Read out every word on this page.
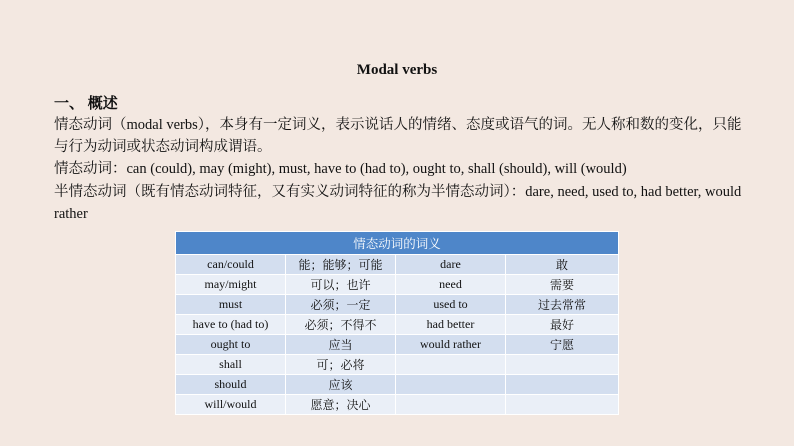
Modal verbs
一、 概述
情态动词（modal verbs），本身有一定词义，表示说话人的情绪、态度或语气的词。无人称和数的变化，只能与行为动词或状态动词构成谓语。
情态动词：can (could), may (might), must, have to (had to), ought to, shall (should), will (would)
半情态动词（既有情态动词特征，又有实义动词特征的称为半情态动词）：dare, need, used to, had better, would rather
情态动词的词义			
can/could	能；能够；可能	dare	敢
may/might	可以；也许	need	需要
must	必须；一定	used to	过去常常
have to (had to)	必须；不得不	had better	最好
ought to	应当	would rather	宁愿
shall	可；必将		
should	应该		
will/would	愿意；决心		
